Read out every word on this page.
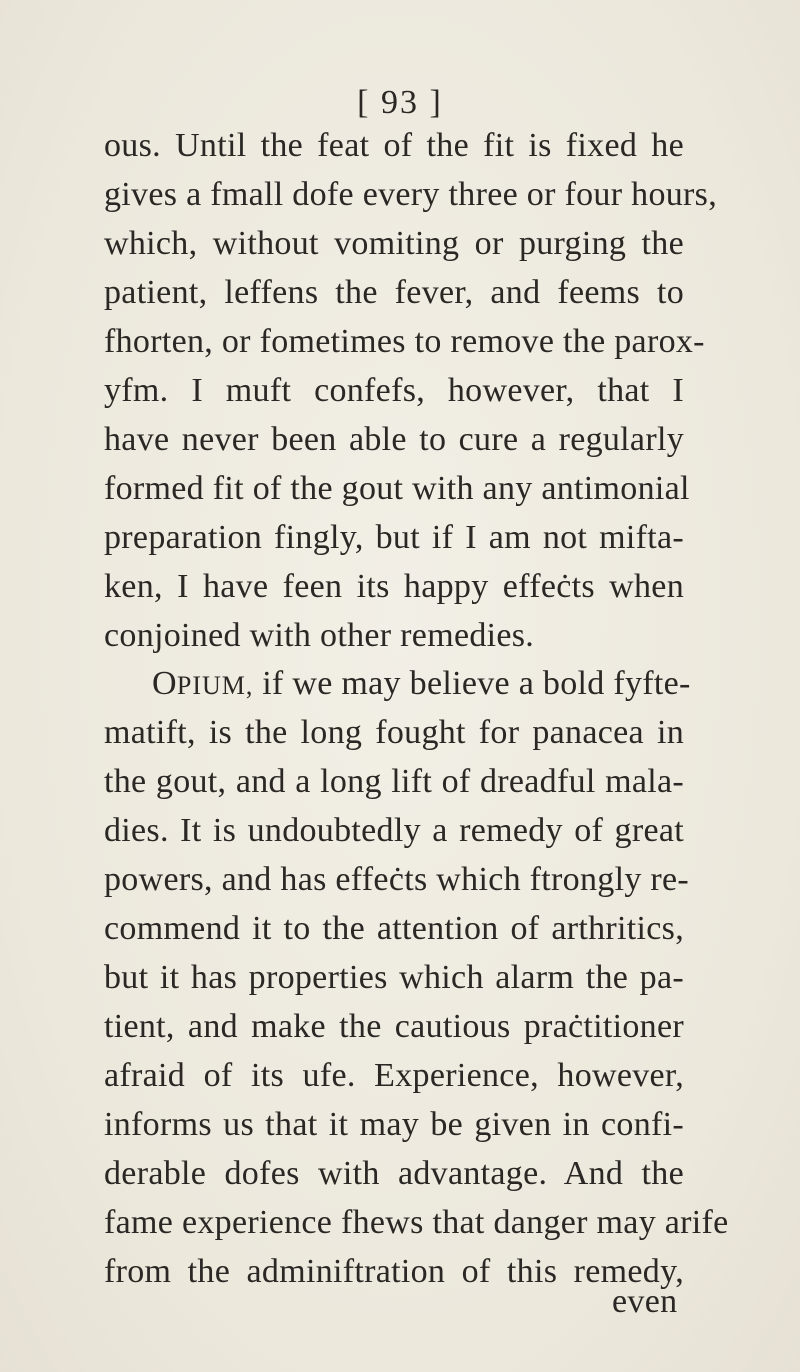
[ 93 ]
ous. Until the feat of the fit is fixed he
gives a fmall dofe every three or four hours,
which, without vomiting or purging the
patient, leffens the fever, and feems to
fhorten, or fometimes to remove the parox-
yfm. I muft confefs, however, that I
have never been able to cure a regularly
formed fit of the gout with any antimonial
preparation fingly, but if I am not mifta-
ken, I have feen its happy effeċts when
conjoined with other remedies.
OPIUM, if we may believe a bold fyfte-
matift, is the long fought for panacea in
the gout, and a long lift of dreadful mala-
dies. It is undoubtedly a remedy of great
powers, and has effeċts which ftrongly re-
commend it to the attention of arthritics,
but it has properties which alarm the pa-
tient, and make the cautious praċtitioner
afraid of its ufe. Experience, however,
informs us that it may be given in confi-
derable dofes with advantage. And the
fame experience fhews that danger may arife
from the adminiftration of this remedy,
even
